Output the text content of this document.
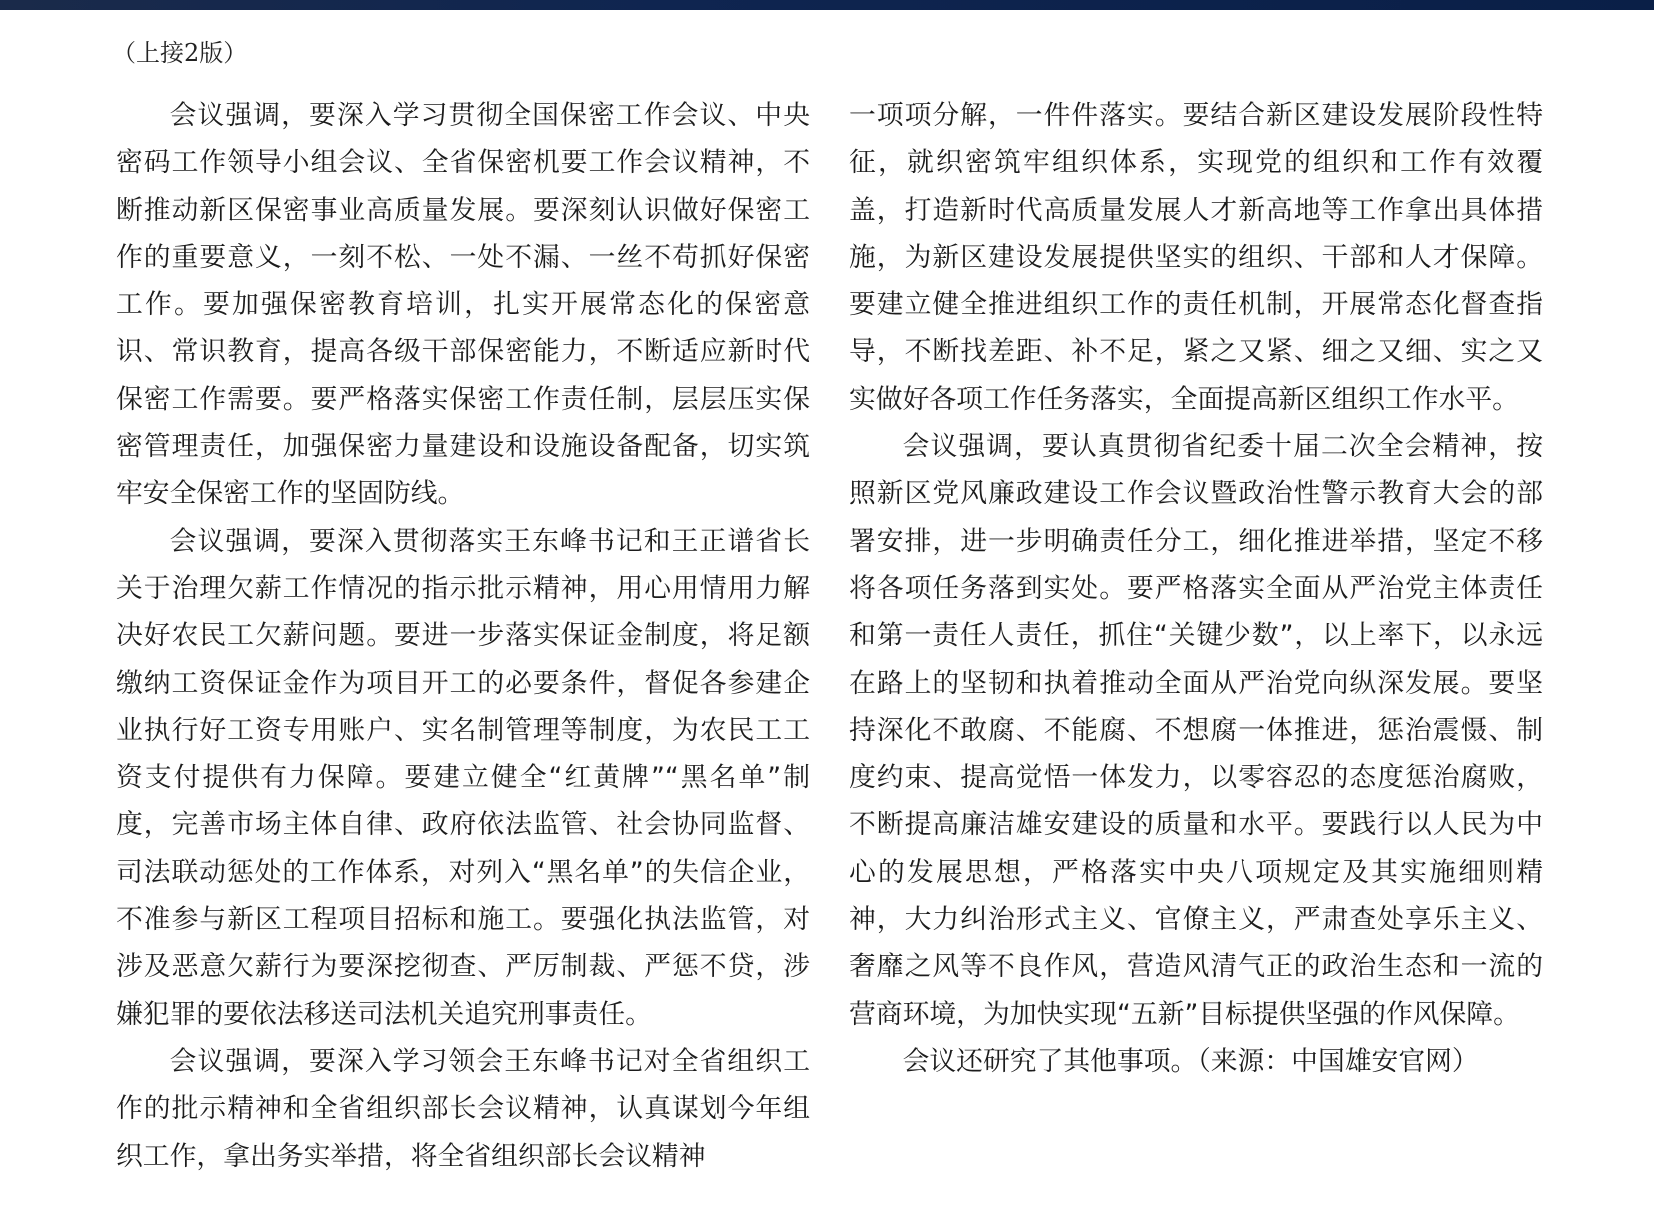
（上接2版）

会议强调，要深入学习贯彻全国保密工作会议、中央密码工作领导小组会议、全省保密机要工作会议精神，不断推动新区保密事业高质量发展。要深刻认识做好保密工作的重要意义，一刻不松、一处不漏、一丝不苟抓好保密工作。要加强保密教育培训，扎实开展常态化的保密意识、常识教育，提高各级干部保密能力，不断适应新时代保密工作需要。要严格落实保密工作责任制，层层压实保密管理责任，加强保密力量建设和设施设备配备，切实筑牢安全保密工作的坚固防线。

会议强调，要深入贯彻落实王东峰书记和王正谱省长关于治理欠薪工作情况的指示批示精神，用心用情用力解决好农民工欠薪问题。要进一步落实保证金制度，将足额缴纳工资保证金作为项目开工的必要条件，督促各参建企业执行好工资专用账户、实名制管理等制度，为农民工工资支付提供有力保障。要建立健全“红黄牌”“黑名单”制度，完善市场主体自律、政府依法监管、社会协同监督、司法联动惩处的工作体系，对列入“黑名单”的失信企业，不准参与新区工程项目招标和施工。要强化执法监管，对涉及恶意欠薪行为要深挖彻查、严厉制裁、严惩不贷，涉嫌犯罪的要依法移送司法机关追究刑事责任。

会议强调，要深入学习领会王东峰书记对全省组织工作的批示精神和全省组织部长会议精神，认真谋划今年组织工作，拿出务实举措，将全省组织部长会议精神

一项项分解，一件件落实。要结合新区建设发展阶段性特征，就织密筑牢组织体系，实现党的组织和工作有效覆盖，打造新时代高质量发展人才新高地等工作拿出具体措施，为新区建设发展提供坚实的组织、干部和人才保障。要建立健全推进组织工作的责任机制，开展常态化督查指导，不断找差距、补不足，紧之又紧、细之又细、实之又实做好各项工作任务落实，全面提高新区组织工作水平。

会议强调，要认真贯彻省纪委十届二次全会精神，按照新区党风廉政建设工作会议暨政治性警示教育大会的部署安排，进一步明确责任分工，细化推进举措，坚定不移将各项任务落到实处。要严格落实全面从严治党主体责任和第一责任人责任，抓住“关键少数”，以上率下，以永远在路上的坚韧和执着推动全面从严治党向纵深发展。要坚持深化不敢腐、不能腐、不想腐一体推进，惩治震慑、制度约束、提高觉悟一体发力，以零容忍的态度惩治腐败，不断提高廉洁雄安建设的质量和水平。要践行以人民为中心的发展思想，严格落实中央八项规定及其实施细则精神，大力纠治形式主义、官僚主义，严肃查处享乐主义、奢靡之风等不良作风，营造风清气正的政治生态和一流的营商环境，为加快实现“五新”目标提供坚强的作风保障。

会议还研究了其他事项。（来源：中国雄安官网）
